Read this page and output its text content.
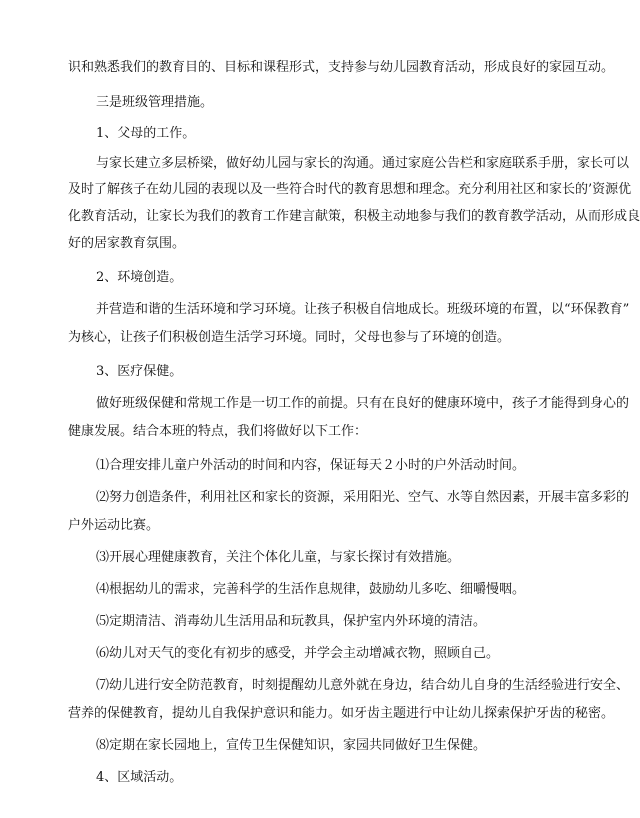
识和熟悉我们的教育目的、目标和课程形式，支持参与幼儿园教育活动，形成良好的家园互动。
三是班级管理措施。
1、父母的工作。
与家长建立多层桥梁，做好幼儿园与家长的沟通。通过家庭公告栏和家庭联系手册，家长可以
及时了解孩子在幼儿园的表现以及一些符合时代的教育思想和理念。充分利用社区和家长的’资源优
化教育活动，让家长为我们的教育工作建言献策，积极主动地参与我们的教育教学活动，从而形成良
好的居家教育氛围。
2、环境创造。
并营造和谐的生活环境和学习环境。让孩子积极自信地成长。班级环境的布置，以“环保教育”
为核心，让孩子们积极创造生活学习环境。同时，父母也参与了环境的创造。
3、医疗保健。
做好班级保健和常规工作是一切工作的前提。只有在良好的健康环境中，孩子才能得到身心的
健康发展。结合本班的特点，我们将做好以下工作：
⑴合理安排儿童户外活动的时间和内容，保证每天２小时的户外活动时间。
⑵努力创造条件，利用社区和家长的资源，采用阳光、空气、水等自然因素，开展丰富多彩的
户外运动比赛。
⑶开展心理健康教育，关注个体化儿童，与家长探讨有效措施。
⑷根据幼儿的需求，完善科学的生活作息规律，鼓励幼儿多吃、细嚼慢咽。
⑸定期清洁、消毒幼儿生活用品和玩教具，保护室内外环境的清洁。
⑹幼儿对天气的变化有初步的感受，并学会主动增减衣物，照顾自己。
⑺幼儿进行安全防范教育，时刻提醒幼儿意外就在身边，结合幼儿自身的生活经验进行安全、
营养的保健教育，提幼儿自我保护意识和能力。如牙齿主题进行中让幼儿探索保护牙齿的秘密。
⑻定期在家长园地上，宣传卫生保健知识，家园共同做好卫生保健。
4、区域活动。
